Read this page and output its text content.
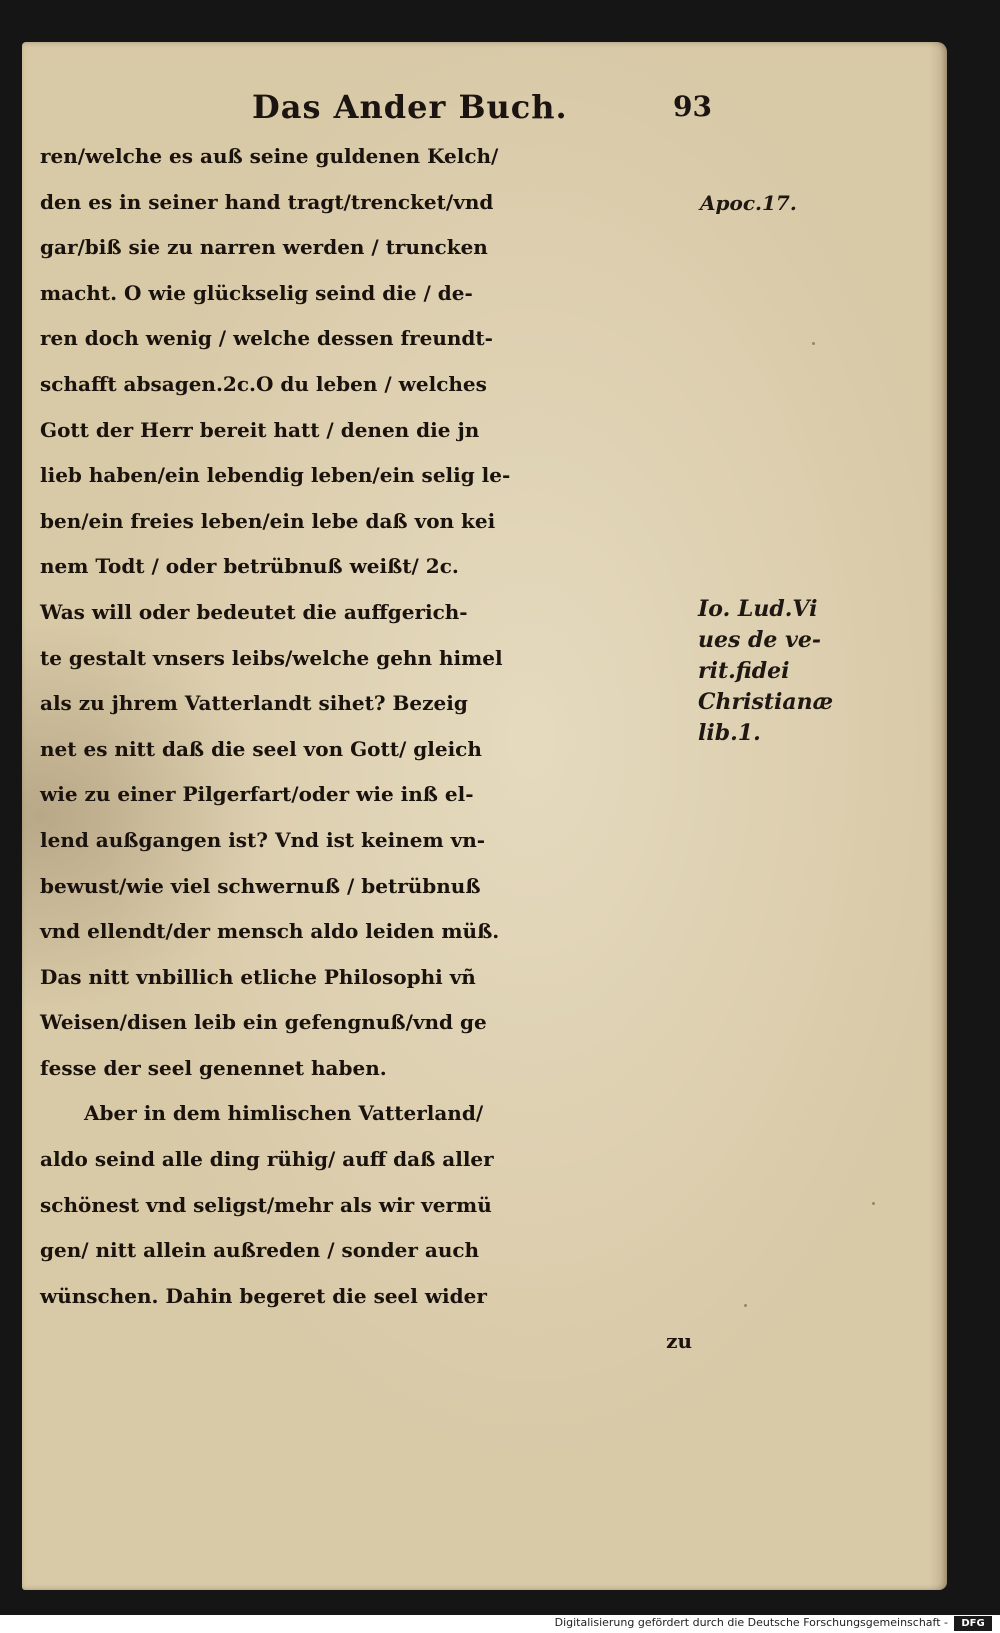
Das Ander Buch.	93
ren/welche es auß seine guldenen Kelch/
den es in seiner hand tragt/trencket/vnd
gar/biß sie zu narren werden / truncken
macht. O wie glückselig seind die / de-
ren doch wenig / welche dessen freundt-
schafft absagen.2c.O du leben / welches
Gott der Herr bereit hatt / denen die jn
lieb haben/ein lebendig leben/ein selig le-
ben/ein freies leben/ein lebe daß von kei
nem Todt / oder betrübnuß weißt/ 2c.
Was will oder bedeutet die auffgerich-
te gestalt vnsers leibs/welche gehn himel
als zu jhrem Vatterlandt sihet? Bezeig
net es nitt daß die seel von Gott/ gleich
wie zu einer Pilgerfart/oder wie inß el-
lend außgangen ist? Vnd ist keinem vn-
bewust/wie viel schwernuß / betrübnuß
vnd ellendt/der mensch aldo leiden müß.
Das nitt vnbillich etliche Philosophi vñ
Weisen/disen leib ein gefengnuß/vnd ge
fesse der seel genennet haben.
Aber in dem himlischen Vatterland/
aldo seind alle ding rühig/ auff daß aller
schönest vnd seligst/mehr als wir vermü
gen/ nitt allein außreden / sonder auch
wünschen. Dahin begeret die seel wider
zu
Apoc.17.
Io. Lud.Vi
ues de ve-
rit.fidei
Christianæ
lib.1.
Digitalisierung gefördert durch die Deutsche Forschungsgemeinschaft -	DFG
